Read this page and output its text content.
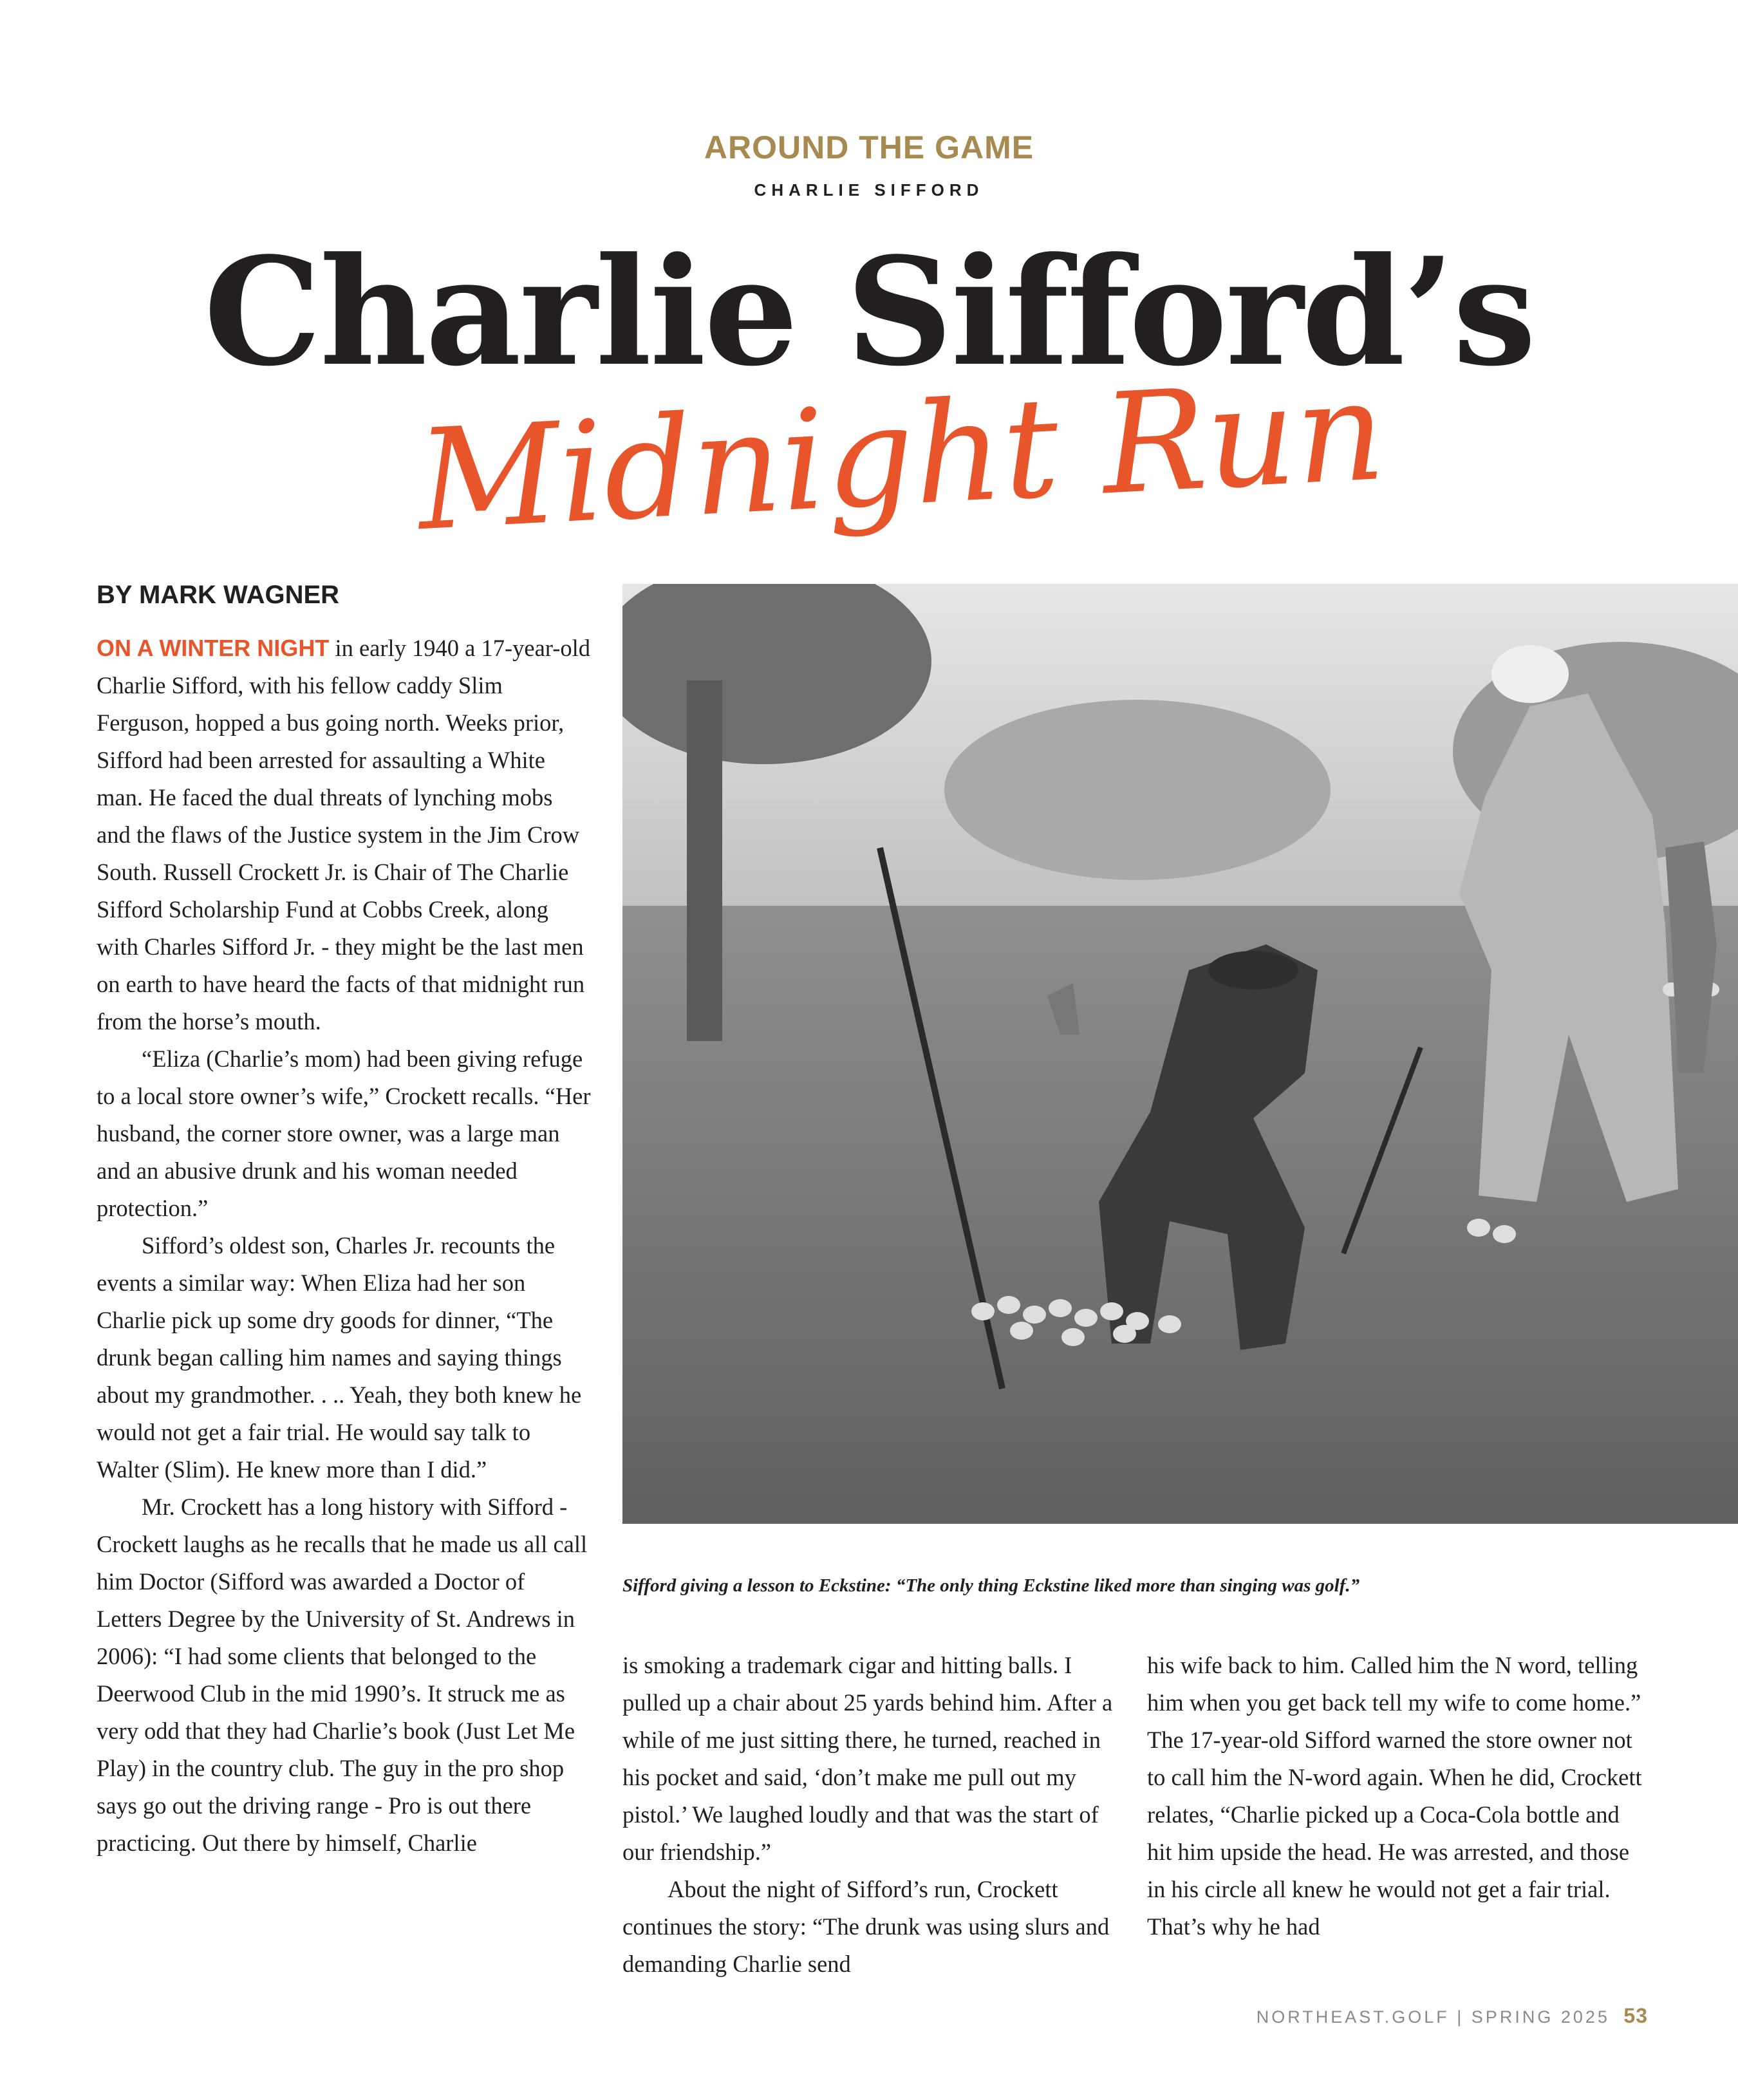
AROUND THE GAME
CHARLIE SIFFORD
Charlie Sifford’s
Midnight Run
BY MARK WAGNER

ON A WINTER NIGHT in early 1940 a 17-year-old Charlie Sifford, with his fellow caddy Slim Ferguson, hopped a bus going north. Weeks prior, Sifford had been arrested for assaulting a White man. He faced the dual threats of lynching mobs and the flaws of the Justice system in the Jim Crow South. Russell Crockett Jr. is Chair of The Charlie Sifford Scholarship Fund at Cobbs Creek, along with Charles Sifford Jr. - they might be the last men on earth to have heard the facts of that midnight run from the horse’s mouth.

“Eliza (Charlie’s mom) had been giving refuge to a local store owner’s wife,” Crockett recalls. “Her husband, the corner store owner, was a large man and an abusive drunk and his woman needed protection.”

Sifford’s oldest son, Charles Jr. recounts the events a similar way: When Eliza had her son Charlie pick up some dry goods for dinner, “The drunk began calling him names and saying things about my grandmother. . .. Yeah, they both knew he would not get a fair trial. He would say talk to Walter (Slim). He knew more than I did.”

Mr. Crockett has a long history with Sifford - Crockett laughs as he recalls that he made us all call him Doctor (Sifford was awarded a Doctor of Letters Degree by the University of St. Andrews in 2006): “I had some clients that belonged to the Deerwood Club in the mid 1990’s. It struck me as very odd that they had Charlie’s book (Just Let Me Play) in the country club. The guy in the pro shop says go out the driving range - Pro is out there practicing. Out there by himself, Charlie

Sifford giving a lesson to Eckstine: “The only thing Eckstine liked more than singing was golf.”

is smoking a trademark cigar and hitting balls. I pulled up a chair about 25 yards behind him. After a while of me just sitting there, he turned, reached in his pocket and said, ‘don’t make me pull out my pistol.’ We laughed loudly and that was the start of our friendship.”

About the night of Sifford’s run, Crockett continues the story: “The drunk was using slurs and demanding Charlie send

his wife back to him. Called him the N word, telling him when you get back tell my wife to come home.” The 17-year-old Sifford warned the store owner not to call him the N-word again. When he did, Crockett relates, “Charlie picked up a Coca-Cola bottle and hit him upside the head. He was arrested, and those in his circle all knew he would not get a fair trial. That’s why he had

NORTHEAST.GOLF | SPRING 2025 53
